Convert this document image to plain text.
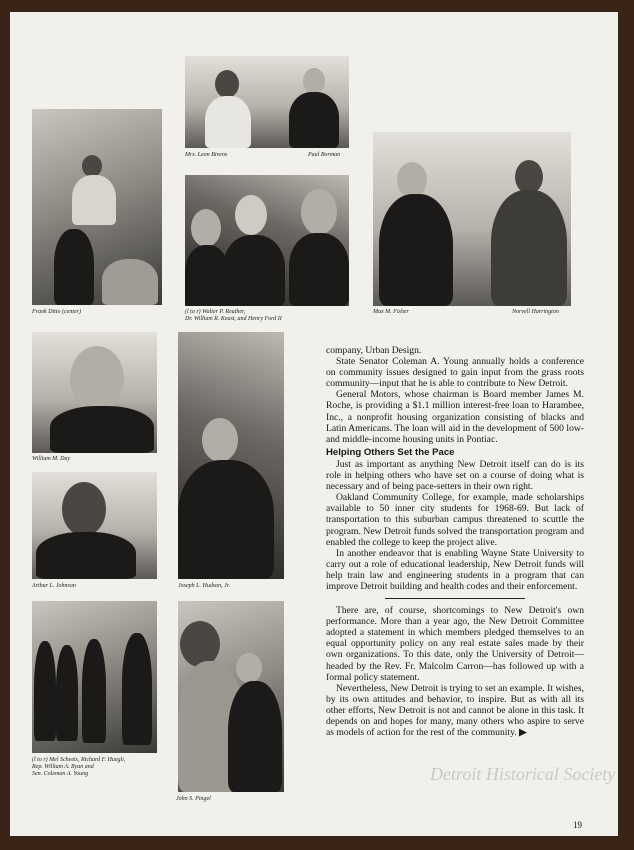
Mrs. Leon Bivens	Paul Borman
Frank Ditto (center)	(l to r) Walter P. Reuther,
Dr. William R. Keast, and Henry Ford II
Max M. Fisher	Norvell Harrington
William M. Day
Joseph L. Hudson, Jr.
Arthur L. Johnson
(l to r) Mel Scheets, Richard F. Huegli,
Rep. William A. Ryan and
Sen. Coleman A. Young
John S. Pingel

company, Urban Design.

State Senator Coleman A. Young annually holds a conference on community issues designed to gain input from the grass roots community—input that he is able to contribute to New Detroit.

General Motors, whose chairman is Board member James M. Roche, is providing a $1.1 million interest-free loan to Harambee, Inc., a nonprofit housing organization consisting of blacks and Latin Americans. The loan will aid in the development of 500 low- and middle-income housing units in Pontiac.

Helping Others Set the Pace

Just as important as anything New Detroit itself can do is its role in helping others who have set on a course of doing what is necessary and of being pace-setters in their own right.

Oakland Community College, for example, made scholarships available to 50 inner city students for 1968-69. But lack of transportation to this suburban campus threatened to scuttle the program. New Detroit funds solved the transportation program and enabled the college to keep the project alive.

In another endeavor that is enabling Wayne State University to carry out a role of educational leadership, New Detroit funds will help train law and engineering students in a program that can improve Detroit building and health codes and their enforcement.

There are, of course, shortcomings to New Detroit's own performance. More than a year ago, the New Detroit Committee adopted a statement in which members pledged themselves to an equal opportunity policy on any real estate sales made by their own organizations. To this date, only the University of Detroit—headed by the Rev. Fr. Malcolm Carron—has followed up with a formal policy statement.

Nevertheless, New Detroit is trying to set an example. It wishes, by its own attitudes and behavior, to inspire. But as with all its other efforts, New Detroit is not and cannot be alone in this task. It depends on and hopes for many, many others who aspire to serve as models of action for the rest of the community. ▶

Detroit Historical Society
19
